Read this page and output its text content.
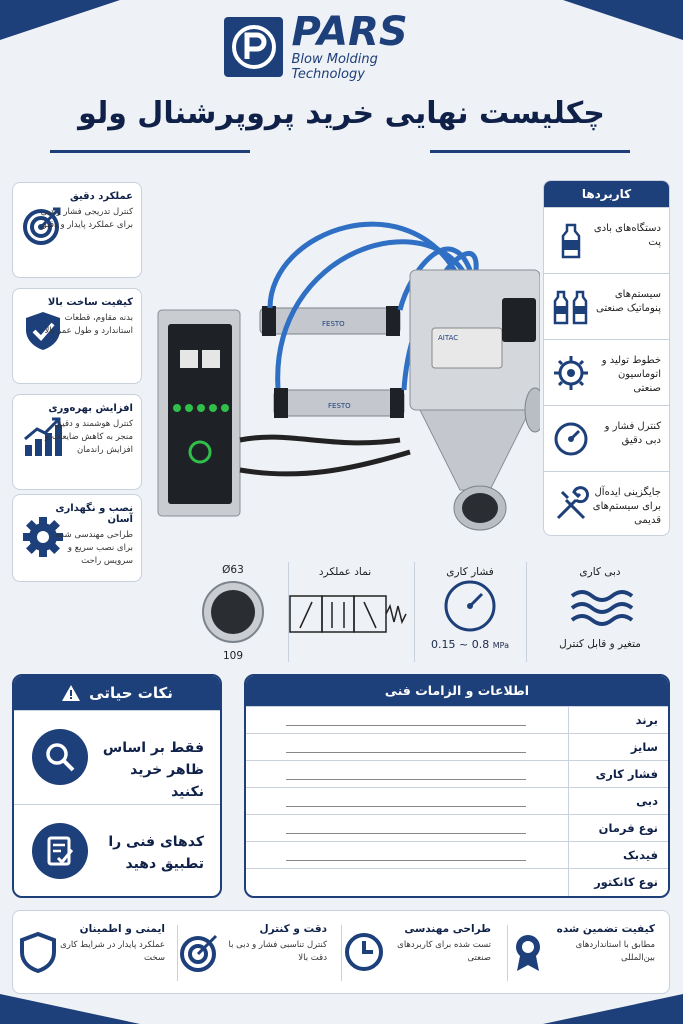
PARS
Blow Molding Technology
چکلیست نهایی خرید پروپرشنال ولو
عملکرد دقیق
کنترل تدریجی فشار و دبی برای عملکرد پایدار و دقیق
کیفیت ساخت بالا
بدنه مقاوم، قطعات استاندارد و طول عمر بالا
افزایش بهره‌وری
کنترل هوشمند و دقیق منجر به کاهش ضایعات و افزایش راندمان
نصب و نگهداری آسان
طراحی مهندسی شده برای نصب سریع و سرویس راحت
FESTO
FESTO
AITAC
کاربردها
دستگاه‌های بادی پت
سیستم‌های پنوماتیک صنعتی
خطوط تولید و اتوماسیون صنعتی
کنترل فشار و دبی دقیق
جایگزینی ایده‌آل برای سیستم‌های قدیمی
Ø63
109
نماد عملکرد	فشار کاری
0.15 ~ 0.8 MPa
دبی کاری
متغیر و قابل کنترل
نکات حیاتی
فقط بر اساس ظاهر خرید نکنید
کدهای فنی را تطبیق دهید
اطلاعات و الزامات فنی
برند
سایز
فشار کاری
دبی
نوع فرمان
فیدبک
نوع کانکتور
کیفیت تضمین شده
مطابق با استانداردهای بین‌المللی
طراحی مهندسی
تست شده برای کاربردهای صنعتی
دقت و کنترل
کنترل تناسبی فشار و دبی با دقت بالا
ایمنی و اطمینان
عملکرد پایدار در شرایط کاری سخت
